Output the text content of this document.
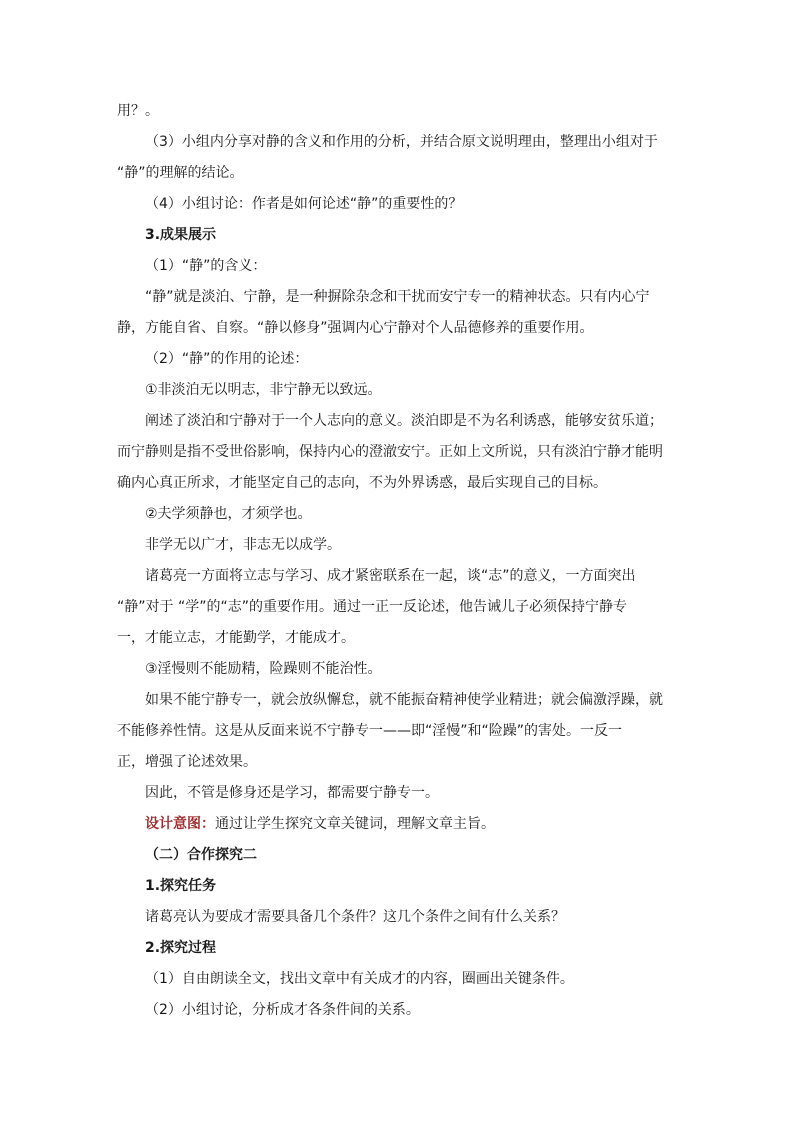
用？。

（3）小组内分享对静的含义和作用的分析，并结合原文说明理由，整理出小组对于

“静”的理解的结论。

（4）小组讨论：作者是如何论述“静”的重要性的？

3.成果展示

（1）“静”的含义：

“静”就是淡泊、宁静，是一种摒除杂念和干扰而安宁专一的精神状态。只有内心宁

静，方能自省、自察。“静以修身”强调内心宁静对个人品德修养的重要作用。

（2）“静”的作用的论述：

①非淡泊无以明志，非宁静无以致远。

阐述了淡泊和宁静对于一个人志向的意义。淡泊即是不为名利诱惑，能够安贫乐道；

而宁静则是指不受世俗影响，保持内心的澄澈安宁。正如上文所说，只有淡泊宁静才能明

确内心真正所求，才能坚定自己的志向，不为外界诱惑，最后实现自己的目标。

②夫学须静也，才须学也。

非学无以广才，非志无以成学。

诸葛亮一方面将立志与学习、成才紧密联系在一起，谈“志”的意义，一方面突出

“静”对于 “学”的“志”的重要作用。通过一正一反论述，他告诫儿子必须保持宁静专

一，才能立志，才能勤学，才能成才。

③淫慢则不能励精，险躁则不能治性。

如果不能宁静专一，就会放纵懈怠，就不能振奋精神使学业精进；就会偏激浮躁，就

不能修养性情。这是从反面来说不宁静专一——即“淫慢”和“险躁”的害处。一反一

正，增强了论述效果。

因此，不管是修身还是学习，都需要宁静专一。

设计意图：通过让学生探究文章关键词，理解文章主旨。

（二）合作探究二

1.探究任务

诸葛亮认为要成才需要具备几个条件？这几个条件之间有什么关系？

2.探究过程

（1）自由朗读全文，找出文章中有关成才的内容，圈画出关键条件。

（2）小组讨论，分析成才各条件间的关系。
